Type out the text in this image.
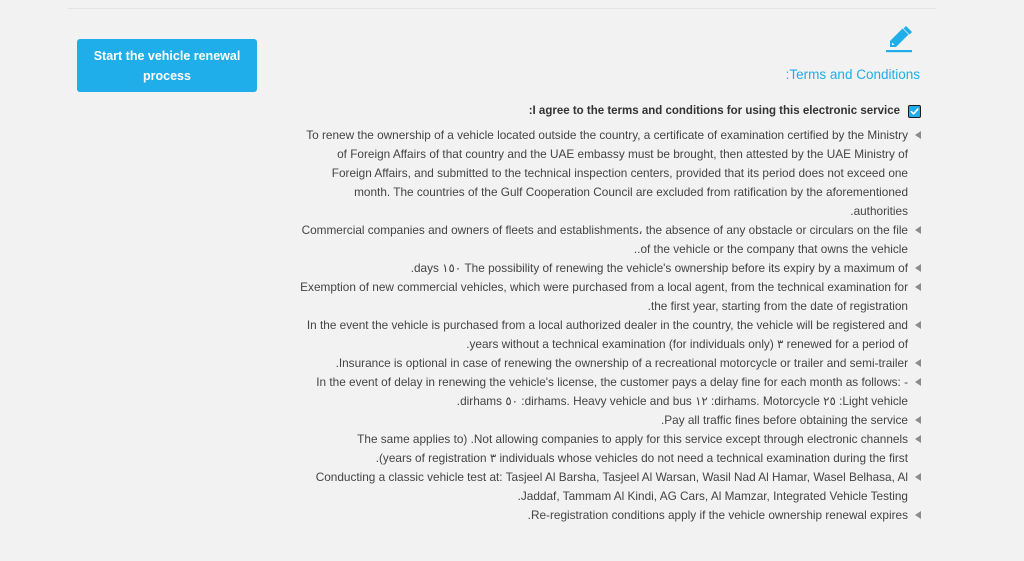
Start the vehicle renewal process	Terms and Conditions:
I agree to the terms and conditions for using this electronic service:
To renew the ownership of a vehicle located outside the country, a certificate of examination certified by the Ministry of Foreign Affairs of that country and the UAE embassy must be brought, then attested by the UAE Ministry of Foreign Affairs, and submitted to the technical inspection centers, provided that its period does not exceed one month. The countries of the Gulf Cooperation Council are excluded from ratification by the aforementioned authorities.
Commercial companies and owners of fleets and establishments، the absence of any obstacle or circulars on the file of the vehicle or the company that owns the vehicle..
The possibility of renewing the vehicle's ownership before its expiry by a maximum of ١٥٠ days.
Exemption of new commercial vehicles, which were purchased from a local agent, from the technical examination for the first year, starting from the date of registration.
In the event the vehicle is purchased from a local authorized dealer in the country, the vehicle will be registered and renewed for a period of ٣ years without a technical examination (for individuals only).
Insurance is optional in case of renewing the ownership of a recreational motorcycle or trailer and semi-trailer.
In the event of delay in renewing the vehicle's license, the customer pays a delay fine for each month as follows: - Light vehicle: ٢٥ dirhams. Motorcycle: ١٢ dirhams. Heavy vehicle and bus: ٥٠ dirhams.
Pay all traffic fines before obtaining the service.
Not allowing companies to apply for this service except through electronic channels. (The same applies to individuals whose vehicles do not need a technical examination during the first ٣ years of registration).
Conducting a classic vehicle test at: Tasjeel Al Barsha, Tasjeel Al Warsan, Wasil Nad Al Hamar, Wasel Belhasa, Al Jaddaf, Tammam Al Kindi, AG Cars, Al Mamzar, Integrated Vehicle Testing.
Re-registration conditions apply if the vehicle ownership renewal expires.
